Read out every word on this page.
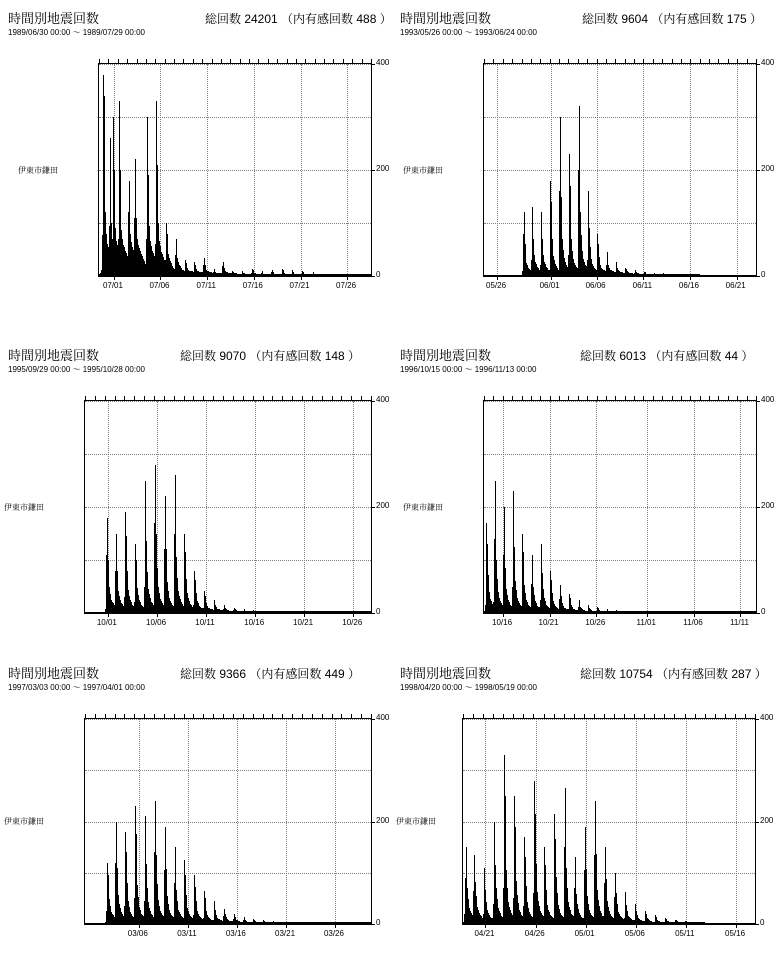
時間別地震回数
1989/06/30 00:00 ～ 1989/07/29 00:00
総回数 24201 （内有感回数 488 ）
伊東市鎌田
07/01	07/06	07/11	07/16	07/21	07/26
0
200
400
時間別地震回数
1993/05/26 00:00 ～ 1993/06/24 00:00
総回数 9604 （内有感回数 175 ）
伊東市鎌田
05/26	06/01	06/06	06/11	06/16	06/21
0
200
400
時間別地震回数
1995/09/29 00:00 ～ 1995/10/28 00:00
総回数 9070 （内有感回数 148 ）
伊東市鎌田
10/01	10/06	10/11	10/16	10/21	10/26
0
200
400
時間別地震回数
1996/10/15 00:00 ～ 1996/11/13 00:00
総回数 6013 （内有感回数 44 ）
伊東市鎌田
10/16	10/21	10/26	11/01	11/06	11/11
0
200
400
時間別地震回数
1997/03/03 00:00 ～ 1997/04/01 00:00
総回数 9366 （内有感回数 449 ）
伊東市鎌田
03/06	03/11	03/16	03/21	03/26
0
200
400
時間別地震回数
1998/04/20 00:00 ～ 1998/05/19 00:00
総回数 10754 （内有感回数 287 ）
伊東市鎌田
04/21	04/26	05/01	05/06	05/11	05/16
0
200
400
